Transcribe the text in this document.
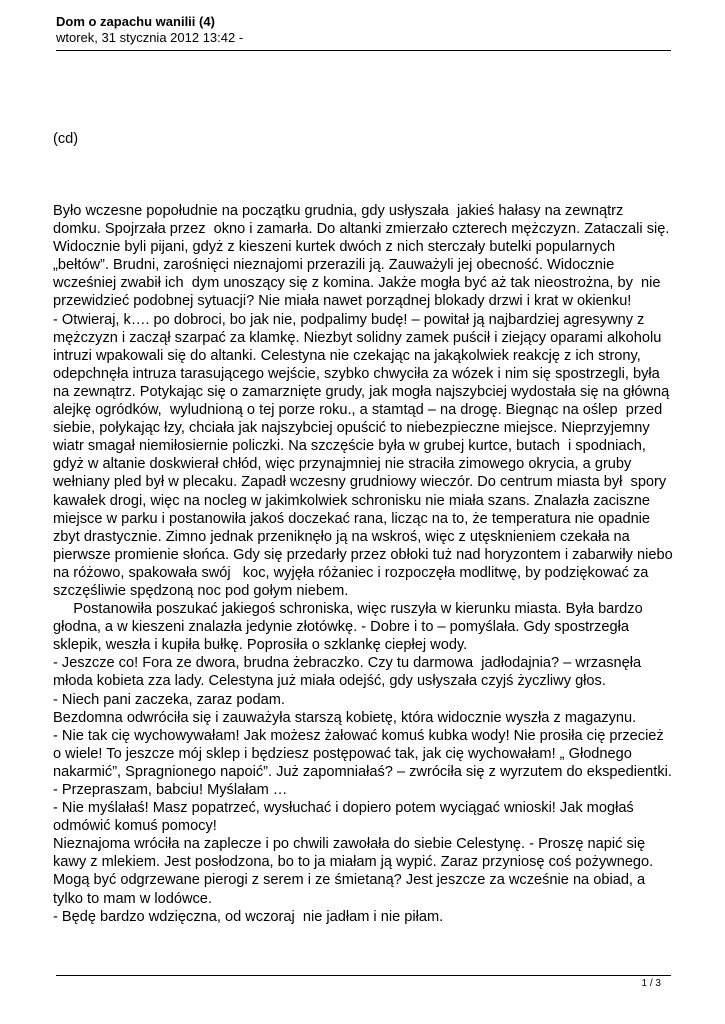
Dom o zapachu wanilii (4)
wtorek, 31 stycznia 2012 13:42 -
(cd)
Było wczesne popołudnie na początku grudnia, gdy usłyszała  jakieś hałasy na zewnątrz
domku. Spojrzała przez  okno i zamarła. Do altanki zmierzało czterech mężczyzn. Zataczali się.
Widocznie byli pijani, gdyż z kieszeni kurtek dwóch z nich sterczały butelki popularnych
„bełtów”. Brudni, zarośnięci nieznajomi przerazili ją. Zauważyli jej obecność. Widocznie
wcześniej zwabił ich  dym unoszący się z komina. Jakże mogła być aż tak nieostrożna, by  nie
przewidzieć podobnej sytuacji? Nie miała nawet porządnej blokady drzwi i krat w okienku!
- Otwieraj, k…. po dobroci, bo jak nie, podpalimy budę! – powitał ją najbardziej agresywny z
mężczyzn i zaczął szarpać za klamkę. Niezbyt solidny zamek puścił i ziejący oparami alkoholu
intruzi wpakowali się do altanki. Celestyna nie czekając na jakąkolwiek reakcję z ich strony,
odepchnęła intruza tarasującego wejście, szybko chwyciła za wózek i nim się spostrzegli, była
na zewnątrz. Potykając się o zamarznięte grudy, jak mogła najszybciej wydostała się na główną
alejkę ogródków,  wyludnioną o tej porze roku., a stamtąd – na drogę. Biegnąc na oślep  przed
siebie, połykając łzy, chciała jak najszybciej opuścić to niebezpieczne miejsce. Nieprzyjemny
wiatr smagał niemiłosiernie policzki. Na szczęście była w grubej kurtce, butach  i spodniach,
gdyż w altanie doskwierał chłód, więc przynajmniej nie straciła zimowego okrycia, a gruby
wełniany pled był w plecaku. Zapadł wczesny grudniowy wieczór. Do centrum miasta był  spory
kawałek drogi, więc na nocleg w jakimkolwiek schronisku nie miała szans. Znalazła zaciszne
miejsce w parku i postanowiła jakoś doczekać rana, licząc na to, że temperatura nie opadnie
zbyt drastycznie. Zimno jednak przeniknęło ją na wskroś, więc z utęsknieniem czekała na
pierwsze promienie słońca. Gdy się przedarły przez obłoki tuż nad horyzontem i zabarwiły niebo
na różowo, spakowała swój   koc, wyjęła różaniec i rozpoczęła modlitwę, by podziękować za
szczęśliwie spędzoną noc pod gołym niebem.
Postanowiła poszukać jakiegoś schroniska, więc ruszyła w kierunku miasta. Była bardzo
głodna, a w kieszeni znalazła jedynie złotówkę. - Dobre i to – pomyślała. Gdy spostrzegła
sklepik, weszła i kupiła bułkę. Poprosiła o szklankę ciepłej wody.
- Jeszcze co! Fora ze dwora, brudna żebraczko. Czy tu darmowa  jadłodajnia? – wrzasnęła
młoda kobieta zza lady. Celestyna już miała odejść, gdy usłyszała czyjś życzliwy głos.
- Niech pani zaczeka, zaraz podam.
Bezdomna odwróciła się i zauważyła starszą kobietę, która widocznie wyszła z magazynu.
- Nie tak cię wychowywałam! Jak możesz żałować komuś kubka wody! Nie prosiła cię przecież
o wiele! To jeszcze mój sklep i będziesz postępować tak, jak cię wychowałam! „ Głodnego
nakarmić”, Spragnionego napoić”. Już zapomniałaś? – zwróciła się z wyrzutem do ekspedientki.
- Przepraszam, babciu! Myślałam …
- Nie myślałaś! Masz popatrzeć, wysłuchać i dopiero potem wyciągać wnioski! Jak mogłaś
odmówić komuś pomocy!
Nieznajoma wróciła na zaplecze i po chwili zawołała do siebie Celestynę. - Proszę napić się
kawy z mlekiem. Jest posłodzona, bo to ja miałam ją wypić. Zaraz przyniosę coś pożywnego.
Mogą być odgrzewane pierogi z serem i ze śmietaną? Jest jeszcze za wcześnie na obiad, a
tylko to mam w lodówce.
- Będę bardzo wdzięczna, od wczoraj  nie jadłam i nie piłam.
1 / 3
